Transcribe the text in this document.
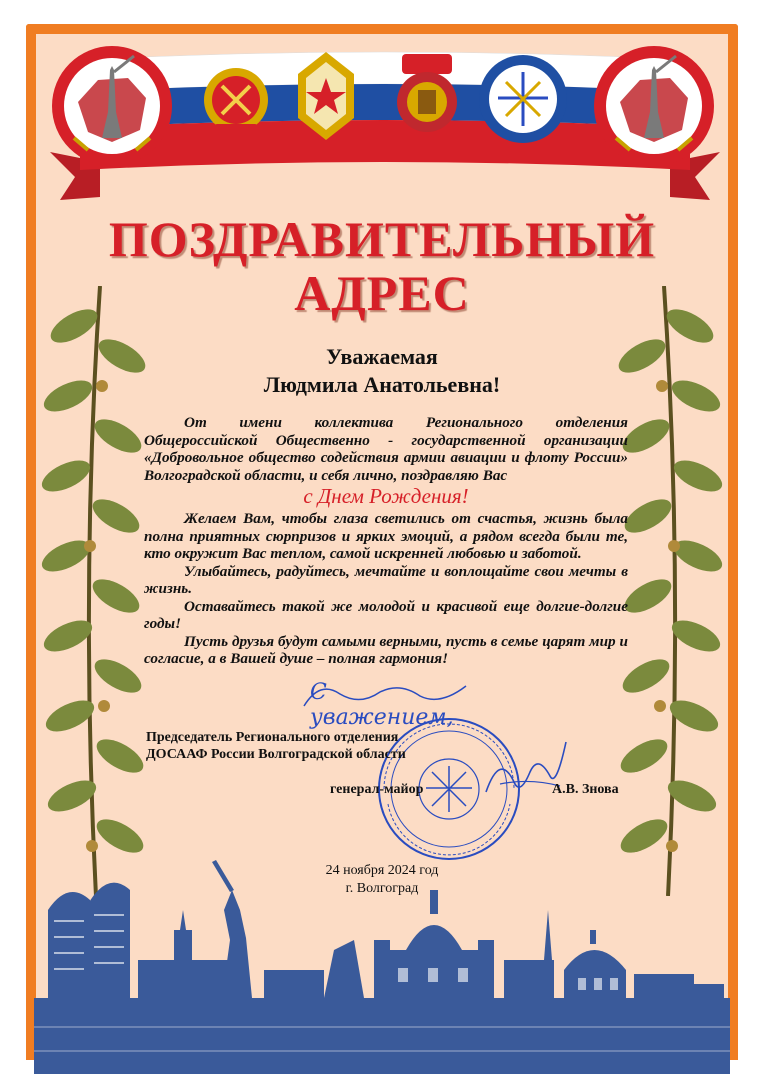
ПОЗДРАВИТЕЛЬНЫЙ
АДРЕС
Уважаемая
Людмила Анатольевна!

От имени коллектива Регионального отделения Общероссийской Общественно - государственной организации «Добровольное общество содействия армии авиации и флоту России» Волгоградской области, и себя лично, поздравляю Вас

с Днем Рождения!

Желаем Вам, чтобы глаза светились от счастья, жизнь была полна приятных сюрпризов и ярких эмоций, а рядом всегда были те, кто окружит Вас теплом, самой искренней любовью и заботой.

Улыбайтесь, радуйтесь, мечтайте и воплощайте свои мечты в жизнь.

Оставайтесь такой же молодой и красивой еще долгие-долгие годы!

Пусть друзья будут самыми верными, пусть в семье царят мир и согласие, а в Вашей душе – полная гармония!

С уважением,
Председатель Регионального отделения
ДОСААФ России Волгоградской области
генерал-майор	А.В. Знова
24 ноября 2024 год
г. Волгоград
